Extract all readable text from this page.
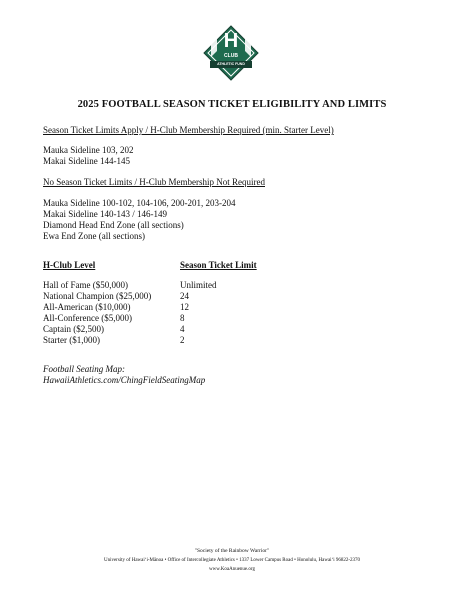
H
CLUB
ATHLETIC FUND
2025 FOOTBALL SEASON TICKET ELIGIBILITY AND LIMITS
Season Ticket Limits Apply / H-Club Membership Required (min. Starter Level)
Mauka Sideline 103, 202
Makai Sideline 144-145
No Season Ticket Limits / H-Club Membership Not Required
Mauka Sideline 100-102, 104-106, 200-201, 203-204
Makai Sideline 140-143 / 146-149
Diamond Head End Zone (all sections)
Ewa End Zone (all sections)
H-Club Level	Season Ticket Limit
Hall of Fame ($50,000)	Unlimited
National Champion ($25,000)	24
All-American ($10,000)	12
All-Conference ($5,000)	8
Captain ($2,500)	4
Starter ($1,000)	2
Football Seating Map:
HawaiiAthletics.com/ChingFieldSeatingMap
"Society of the Rainbow Warrior"
University of Hawaiʻi-Mānoa • Office of Intercollegiate Athletics • 1337 Lower Campus Road • Honolulu, Hawaiʻi 96822-2370
www.KoaAnuenue.org
